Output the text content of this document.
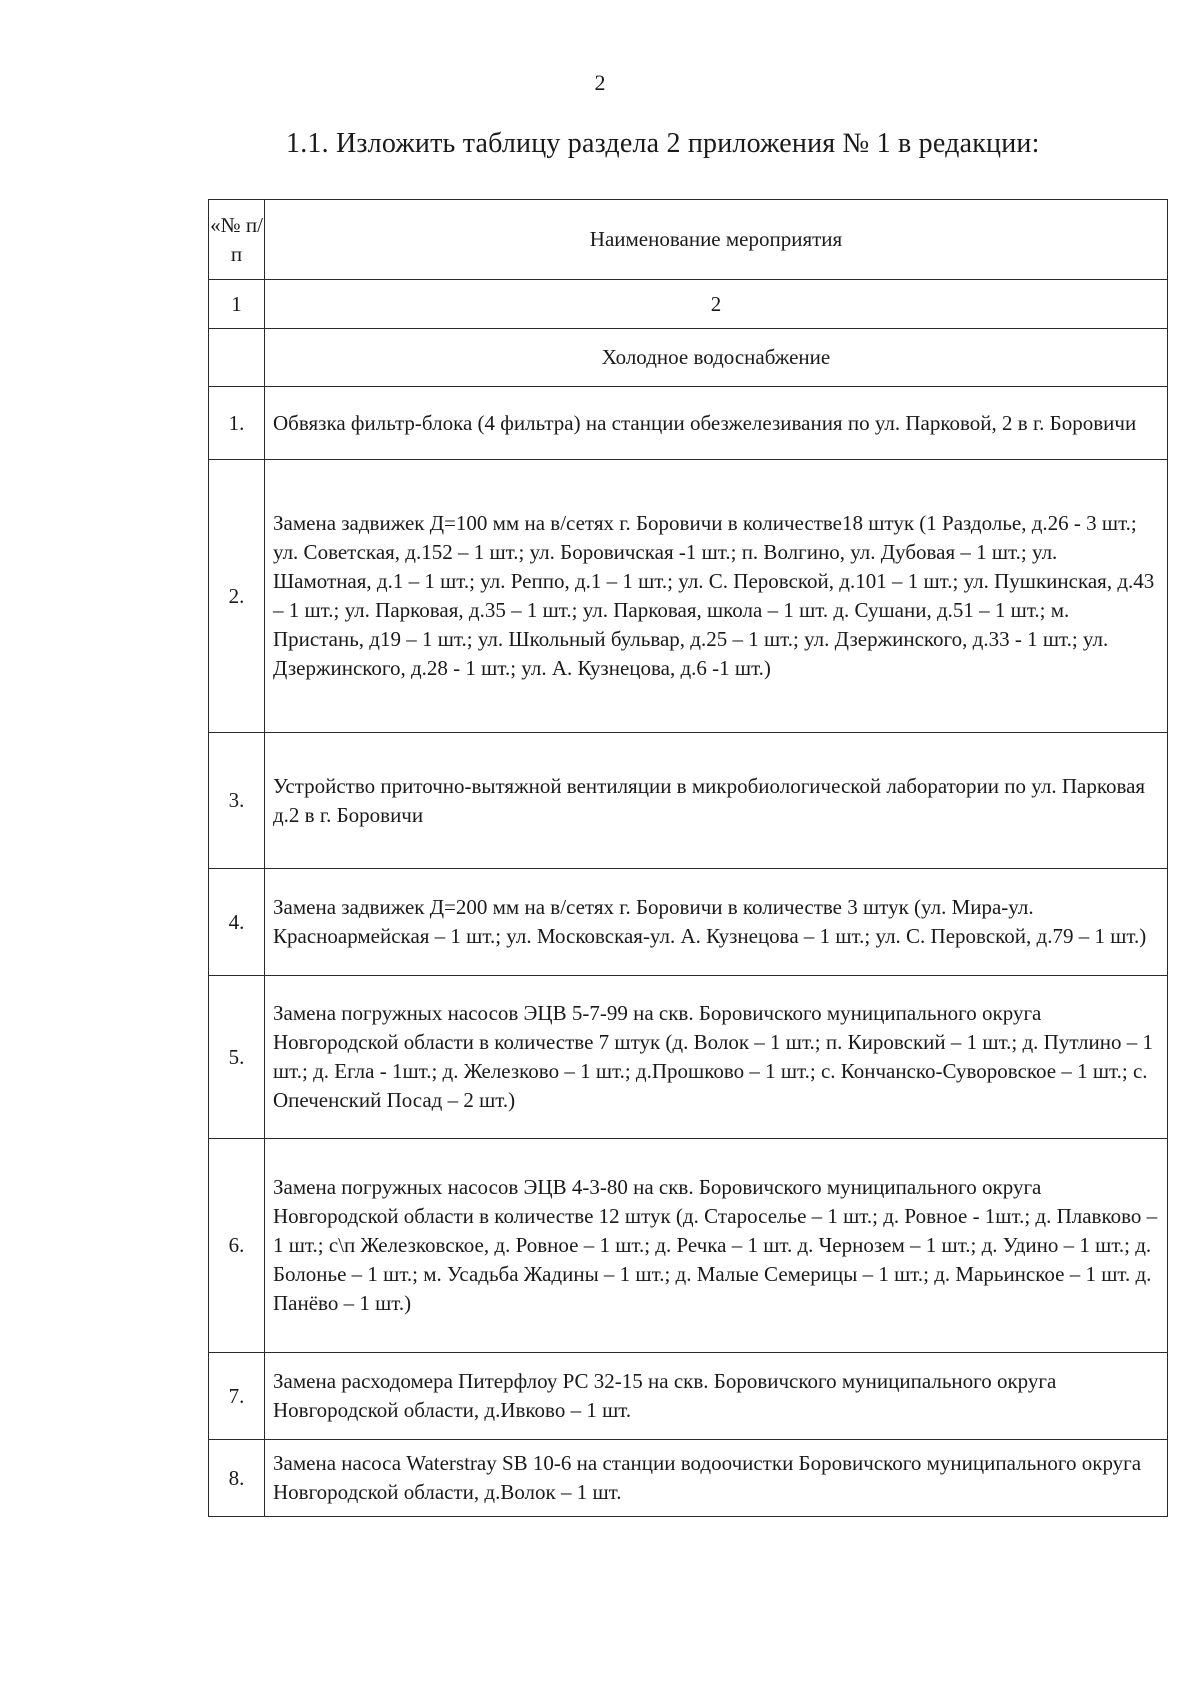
2
1.1. Изложить таблицу раздела 2 приложения № 1 в редакции:
«№ п/п	Наименование мероприятия
1	2
	Холодное водоснабжение
1.	Обвязка фильтр-блока (4 фильтра) на станции обезжелезивания по ул. Парковой, 2 в г. Боровичи
2.	Замена задвижек Д=100 мм на в/сетях г. Боровичи в количестве18 штук (1 Раздолье, д.26 - 3 шт.; ул. Советская, д.152 – 1 шт.; ул. Боровичская -1 шт.; п. Волгино, ул. Дубовая – 1 шт.; ул. Шамотная, д.1 – 1 шт.; ул. Реппо, д.1 – 1 шт.; ул. С. Перовской, д.101 – 1 шт.; ул. Пушкинская, д.43 – 1 шт.; ул. Парковая, д.35 – 1 шт.; ул. Парковая, школа – 1 шт. д. Сушани, д.51 – 1 шт.; м. Пристань, д19 – 1 шт.; ул. Школьный бульвар, д.25 – 1 шт.; ул. Дзержинского, д.33 - 1 шт.; ул. Дзержинского, д.28 - 1 шт.; ул. А. Кузнецова, д.6 -1 шт.)
3.	Устройство приточно-вытяжной вентиляции в микробиологической лаборатории по ул. Парковая д.2 в г. Боровичи
4.	Замена задвижек Д=200 мм на в/сетях г. Боровичи в количестве 3 штук (ул. Мира-ул. Красноармейская – 1 шт.; ул. Московская-ул. А. Кузнецова – 1 шт.; ул. С. Перовской, д.79 – 1 шт.)
5.	Замена погружных насосов ЭЦВ 5-7-99 на скв. Боровичского муниципального округа Новгородской области в количестве 7 штук (д. Волок – 1 шт.; п. Кировский – 1 шт.; д. Путлино – 1 шт.; д. Егла - 1шт.; д. Железково – 1 шт.; д.Прошково – 1 шт.; с. Кончанско-Суворовское – 1 шт.; с. Опеченский Посад – 2 шт.)
6.	Замена погружных насосов ЭЦВ 4-3-80 на скв. Боровичского муниципального округа Новгородской области в количестве 12 штук (д. Староселье – 1 шт.; д. Ровное - 1шт.; д. Плавково – 1 шт.; с\п Железковское, д. Ровное – 1 шт.; д. Речка – 1 шт. д. Чернозем – 1 шт.; д. Удино – 1 шт.; д. Болонье – 1 шт.; м. Усадьба Жадины – 1 шт.; д. Малые Семерицы – 1 шт.; д. Марьинское – 1 шт. д. Панёво – 1 шт.)
7.	Замена расходомера Питерфлоу РС 32-15 на скв. Боровичского муниципального округа Новгородской области, д.Ивково – 1 шт.
8.	Замена насоса Waterstray SB 10-6 на станции водоочистки Боровичского муниципального округа Новгородской области, д.Волок – 1 шт.
